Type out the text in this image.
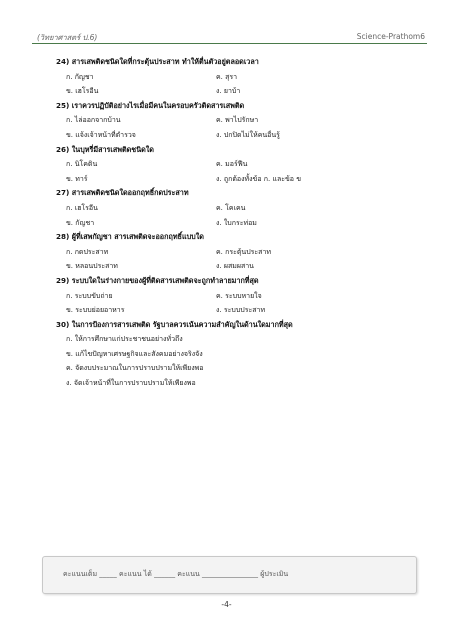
(วิทยาศาสตร์ ป.6)	Science-Prathom6
24) สารเสพติดชนิดใดที่กระตุ้นประสาท ทำให้ตื่นตัวอยู่ตลอดเวลา
ก. กัญชา	ค. สุรา
ข. เฮโรอีน	ง. ยาบ้า
25) เราควรปฏิบัติอย่างไรเมื่อมีคนในครอบครัวติดสารเสพติด
ก. ไล่ออกจากบ้าน	ค. พาไปรักษา
ข. แจ้งเจ้าหน้าที่ตำรวจ	ง. ปกปิดไม่ให้คนอื่นรู้
26) ในบุหรี่มีสารเสพติดชนิดใด
ก. นิโคติน	ค. มอร์ฟีน
ข. ทาร์	ง. ถูกต้องทั้งข้อ ก. และข้อ ข
27) สารเสพติดชนิดใดออกฤทธิ์กดประสาท
ก. เฮโรอีน	ค. โคเคน
ข. กัญชา	ง. ใบกระท่อม
28) ผู้ที่เสพกัญชา สารเสพติดจะออกฤทธิ์แบบใด
ก. กดประสาท	ค. กระตุ้นประสาท
ข. หลอนประสาท	ง. ผสมผสาน
29) ระบบใดในร่างกายของผู้ที่ติดสารเสพติดจะถูกทำลายมากที่สุด
ก. ระบบขับถ่าย	ค. ระบบหายใจ
ข. ระบบย่อยอาหาร	ง. ระบบประสาท
30) ในการป้องการสารเสพติด รัฐบาลควรเน้นความสำคัญในด้านใดมากที่สุด
ก. ให้การศึกษาแก่ประชาชนอย่างทั่วถึง
ข. แก้ไขปัญหาเศรษฐกิจและสังคมอย่างจริงจัง
ค. จัดงบประมาณในการปราบปรามให้เพียงพอ
ง. จัดเจ้าหน้าที่ในการปราบปรามให้เพียงพอ
คะแนนเต็ม _____ คะแนน ได้ ______ คะแนน ________________ ผู้ประเมิน
-4-
